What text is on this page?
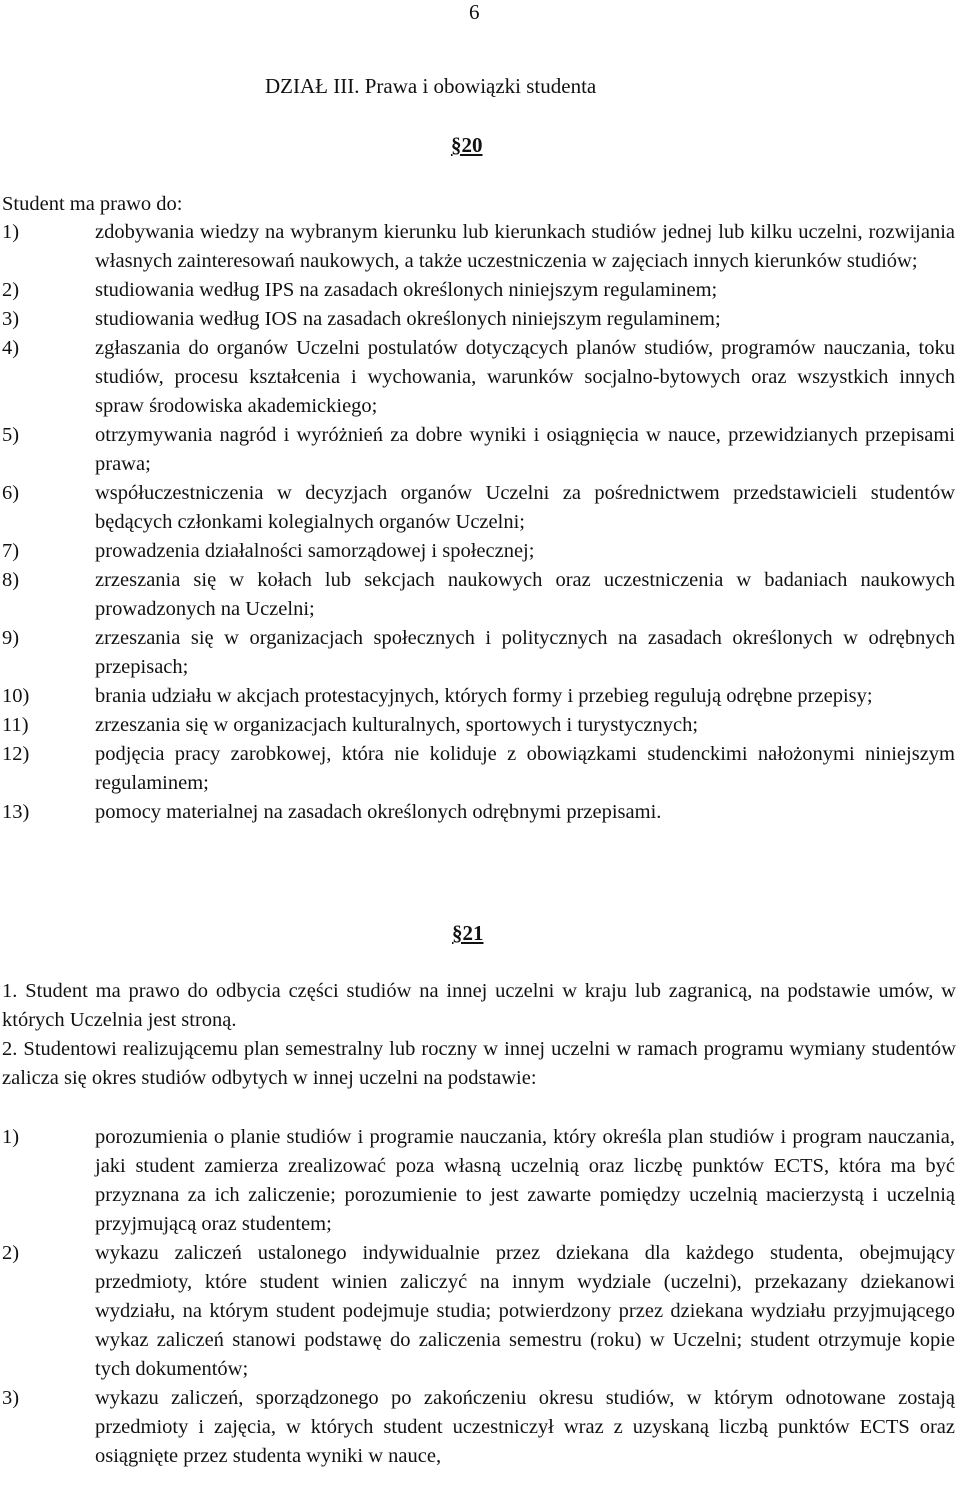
6
DZIAŁ III. Prawa i obowiązki studenta
§20
Student ma prawo do:
1)	zdobywania wiedzy na wybranym kierunku lub kierunkach studiów jednej lub kilku uczelni, rozwijania własnych zainteresowań naukowych, a także uczestniczenia w zajęciach innych kierunków studiów;
2)	studiowania według IPS na zasadach określonych niniejszym regulaminem;
3)	studiowania według IOS na zasadach określonych niniejszym regulaminem;
4)	zgłaszania do organów Uczelni postulatów dotyczących planów studiów, programów nauczania, toku studiów, procesu kształcenia i wychowania, warunków socjalno-bytowych oraz wszystkich innych spraw środowiska akademickiego;
5)	otrzymywania nagród i wyróżnień za dobre wyniki i osiągnięcia w nauce, przewidzianych przepisami prawa;
6)	współuczestniczenia w decyzjach organów Uczelni za pośrednictwem przedstawicieli studentów będących członkami kolegialnych organów Uczelni;
7)	prowadzenia działalności samorządowej i społecznej;
8)	zrzeszania się w kołach lub sekcjach naukowych oraz uczestniczenia w badaniach naukowych prowadzonych na Uczelni;
9)	zrzeszania się w organizacjach społecznych i politycznych na zasadach określonych w odrębnych przepisach;
10)	brania udziału w akcjach protestacyjnych, których formy i przebieg regulują odrębne przepisy;
11)	zrzeszania się w organizacjach kulturalnych, sportowych i turystycznych;
12)	podjęcia pracy zarobkowej, która nie koliduje z obowiązkami studenckimi nałożonymi niniejszym regulaminem;
13)	pomocy materialnej na zasadach określonych odrębnymi przepisami.
§21
1. Student ma prawo do odbycia części studiów na innej uczelni w kraju lub zagranicą, na podstawie umów, w których Uczelnia jest stroną.
2. Studentowi realizującemu plan semestralny lub roczny w innej uczelni w ramach programu wymiany studentów zalicza się okres studiów odbytych w innej uczelni na podstawie:
1)	porozumienia o planie studiów i programie nauczania, który określa plan studiów i program nauczania, jaki student zamierza zrealizować poza własną uczelnią oraz liczbę punktów ECTS, która ma być przyznana za ich zaliczenie; porozumienie to jest zawarte pomiędzy uczelnią macierzystą i uczelnią przyjmującą oraz studentem;
2)	wykazu zaliczeń ustalonego indywidualnie przez dziekana dla każdego studenta, obejmujący przedmioty, które student winien zaliczyć na innym wydziale (uczelni), przekazany dziekanowi wydziału, na którym student podejmuje studia; potwierdzony przez dziekana wydziału przyjmującego wykaz zaliczeń stanowi podstawę do zaliczenia semestru (roku) w Uczelni; student otrzymuje kopie tych dokumentów;
3)	wykazu zaliczeń, sporządzonego po zakończeniu okresu studiów, w którym odnotowane zostają przedmioty i zajęcia, w których student uczestniczył wraz z uzyskaną liczbą punktów ECTS oraz osiągnięte przez studenta wyniki w nauce,
